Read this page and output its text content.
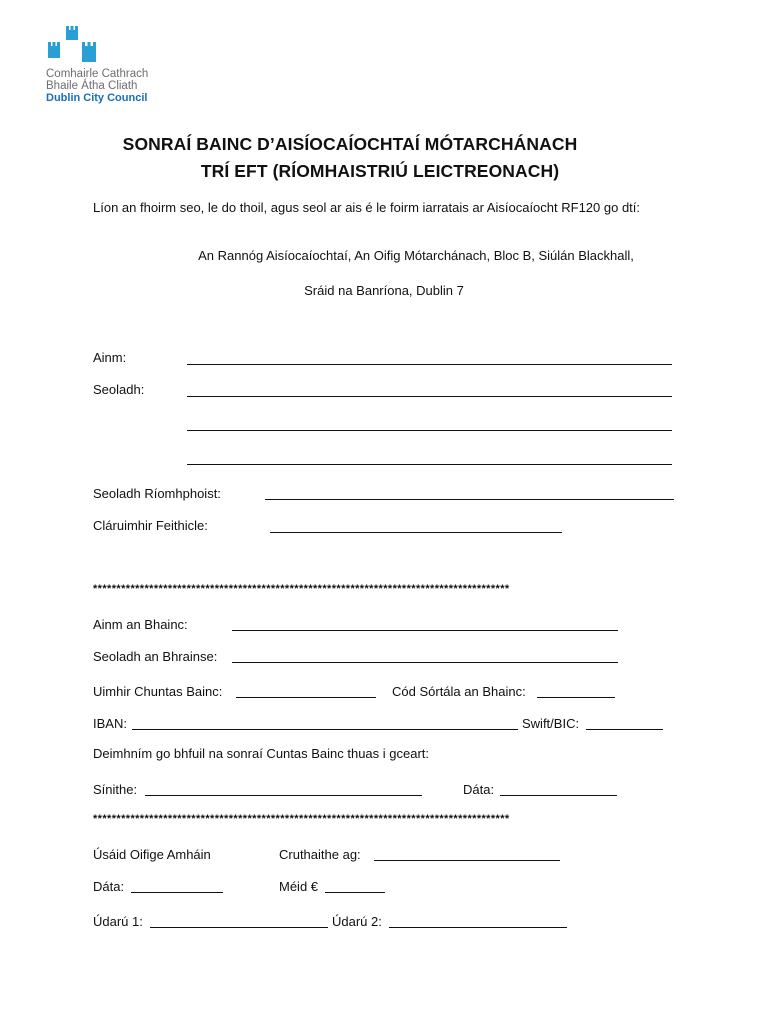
Comhairle Cathrach
Bhaile Átha Cliath
Dublin City Council
SONRAÍ BAINC D’AISÍOCAÍOCHTAÍ MÓTARCHÁNACH
TRÍ EFT (RÍOMHAISTRIÚ LEICTREONACH)
Líon an fhoirm seo, le do thoil, agus seol ar ais é le foirm iarratais ar Aisíocaíocht RF120 go dtí:
An Rannóg Aisíocaíochtaí, An Oifig Mótarchánach, Bloc B, Siúlán Blackhall,
Sráid na Banríona, Dublin 7
Ainm:
Seoladh:
Seoladh Ríomhphoist:
Cláruimhir Feithicle:
*****************************************************************************************
Ainm an Bhainc:
Seoladh an Bhrainse:
Uimhir Chuntas Bainc:	Cód Sórtála an Bhainc:
IBAN:	Swift/BIC:
Deimhním go bhfuil na sonraí Cuntas Bainc thuas i gceart:
Sínithe:	Dáta:
*****************************************************************************************
Úsáid Oifige Amháin	Cruthaithe ag:
Dáta:	Méid €
Údarú 1:	Údarú 2:
